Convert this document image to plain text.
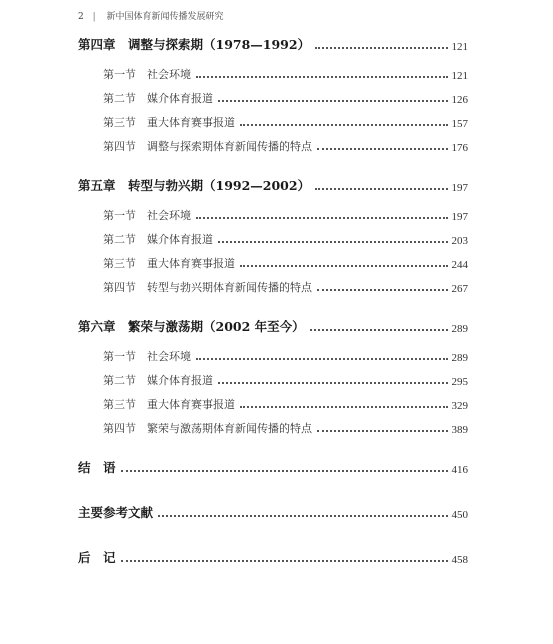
2 | 新中国体育新闻传播发展研究
第四章　调整与探索期（1978—1992）	121
第一节 社会环境	121
第二节 媒介体育报道	126
第三节 重大体育赛事报道	157
第四节 调整与探索期体育新闻传播的特点	176
第五章　转型与勃兴期（1992—2002）	197
第一节 社会环境	197
第二节 媒介体育报道	203
第三节 重大体育赛事报道	244
第四节 转型与勃兴期体育新闻传播的特点	267
第六章　繁荣与激荡期（2002 年至今）	289
第一节 社会环境	289
第二节 媒介体育报道	295
第三节 重大体育赛事报道	329
第四节 繁荣与激荡期体育新闻传播的特点	389
结　语	416
主要参考文献	450
后　记	458
